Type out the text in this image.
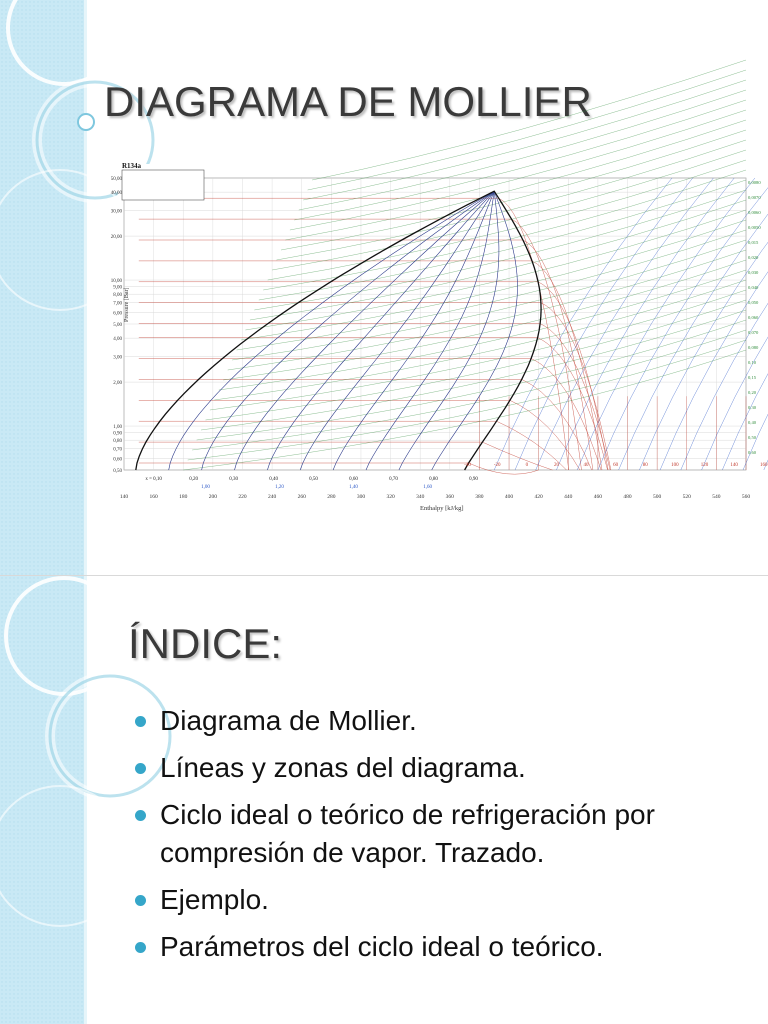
DIAGRAMA DE MOLLIER
50,00
40,00
30,00
20,00
10,00
9,00
8,00
7,00
6,00
5,00
4,00
3,00
2,00
1,00
0,90
0,80
0,70
0,60
0,50
140	160	180	200	220	240	260	280	300	320	340	360	380	400	420	440	460	480	500	520	540	560
x = 0,10	0,20	0,30	0,40	0,50	0,60	0,70	0,80	0,90
1,00	1,20	1,40	1,60
-40	-20	0	20	40	60	80	100	120	140	160
0,0080
0,0070
0,0060
0,0050
0,015
0,020
0,030
0,040
0,050
0,060
0,070
0,080
0,10
0,15
0,20
0,30
0,40
0,50
0,60
R134a
Pressure [Bar]
Enthalpy [kJ/kg]
ÍNDICE:
Diagrama de Mollier.
Líneas y zonas del diagrama.
Ciclo ideal o teórico de refrigeración por compresión de vapor. Trazado.
Ejemplo.
Parámetros del ciclo ideal o teórico.
